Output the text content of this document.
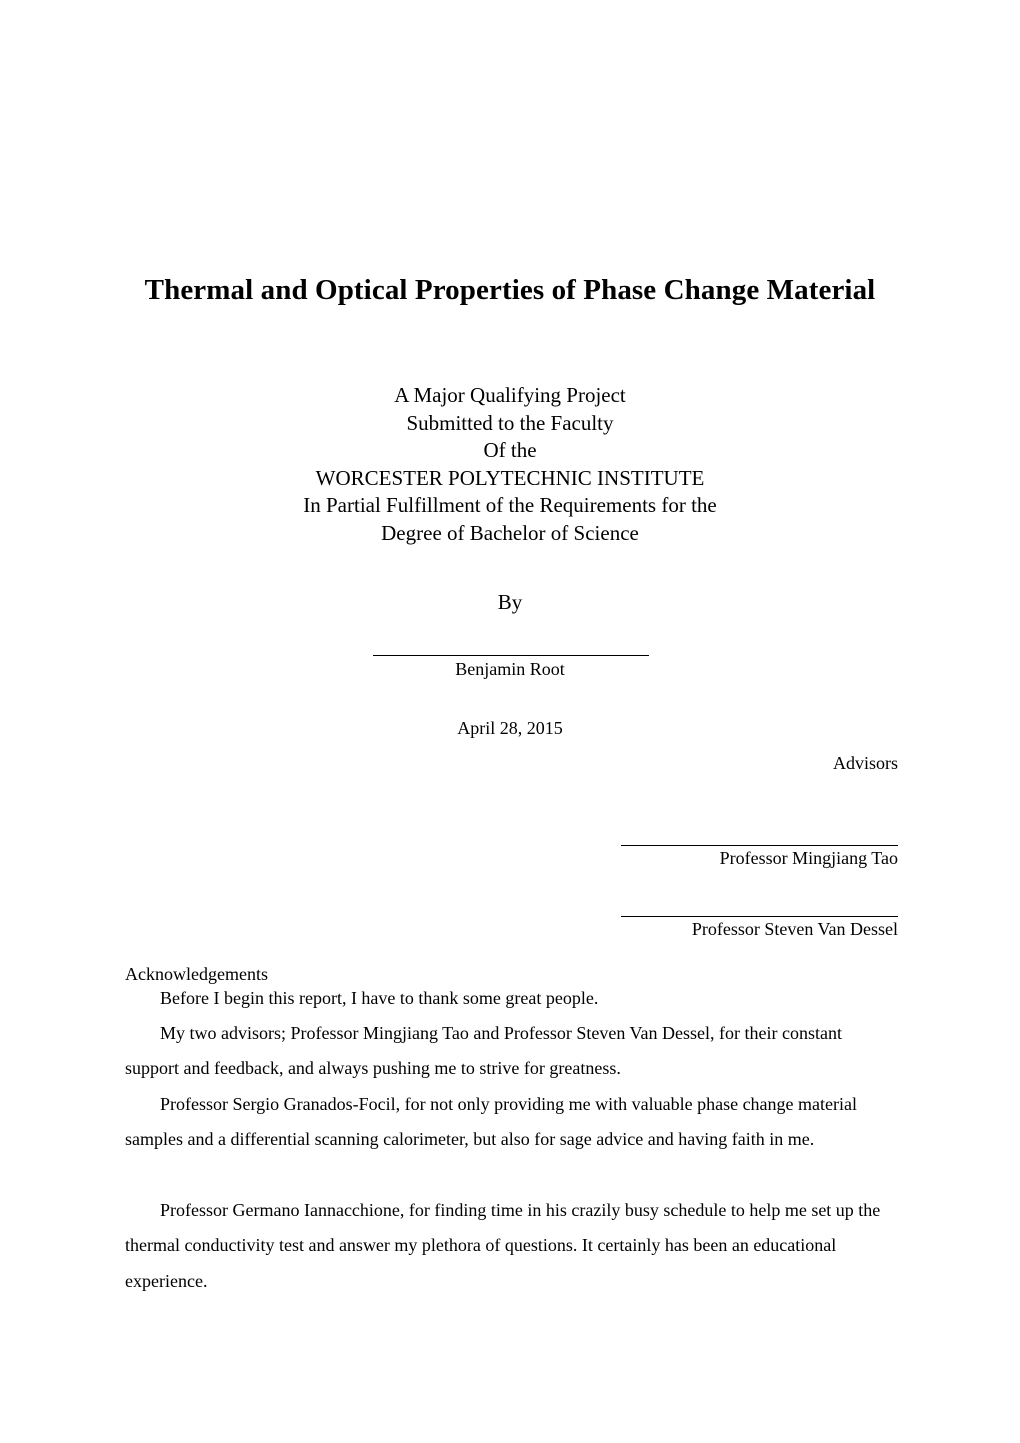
Thermal and Optical Properties of Phase Change Material
A Major Qualifying Project
Submitted to the Faculty
Of the
WORCESTER POLYTECHNIC INSTITUTE
In Partial Fulfillment of the Requirements for the
Degree of Bachelor of Science
By
Benjamin Root
April 28, 2015
Advisors
Professor Mingjiang Tao
Professor Steven Van Dessel
Acknowledgements
Before I begin this report, I have to thank some great people.
My two advisors; Professor Mingjiang Tao and Professor Steven Van Dessel, for their constant support and feedback, and always pushing me to strive for greatness.
Professor Sergio Granados-Focil, for not only providing me with valuable phase change material samples and a differential scanning calorimeter, but also for sage advice and having faith in me.
Professor Germano Iannacchione, for finding time in his crazily busy schedule to help me set up the thermal conductivity test and answer my plethora of questions. It certainly has been an educational experience.
